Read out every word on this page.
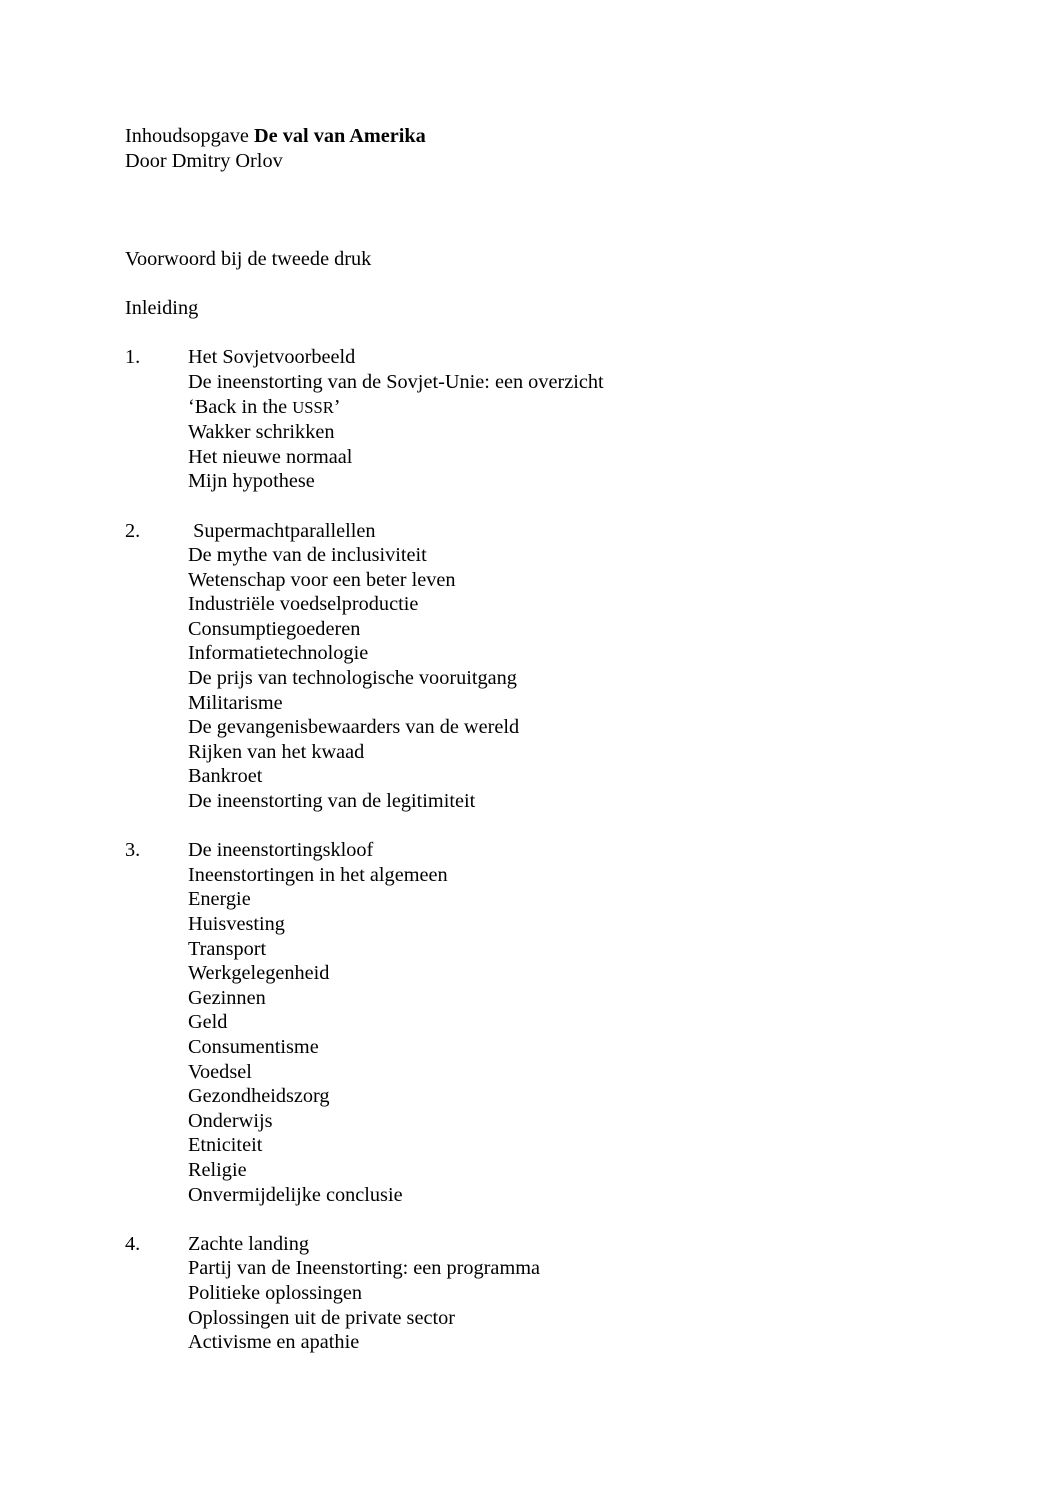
Inhoudsopgave De val van Amerika

Door Dmitry Orlov

Voorwoord bij de tweede druk

Inleiding

1.	Het Sovjetvoorbeeld
De ineenstorting van de Sovjet-Unie: een overzicht
‘Back in the USSR’
Wakker schrikken
Het nieuwe normaal
Mijn hypothese
2.	Supermachtparallellen
De mythe van de inclusiviteit
Wetenschap voor een beter leven
Industriële voedselproductie
Consumptiegoederen
Informatietechnologie
De prijs van technologische vooruitgang
Militarisme
De gevangenisbewaarders van de wereld
Rijken van het kwaad
Bankroet
De ineenstorting van de legitimiteit
3.	De ineenstortingskloof
Ineenstortingen in het algemeen
Energie
Huisvesting
Transport
Werkgelegenheid
Gezinnen
Geld
Consumentisme
Voedsel
Gezondheidszorg
Onderwijs
Etniciteit
Religie
Onvermijdelijke conclusie
4.	Zachte landing
Partij van de Ineenstorting: een programma
Politieke oplossingen
Oplossingen uit de private sector
Activisme en apathie
